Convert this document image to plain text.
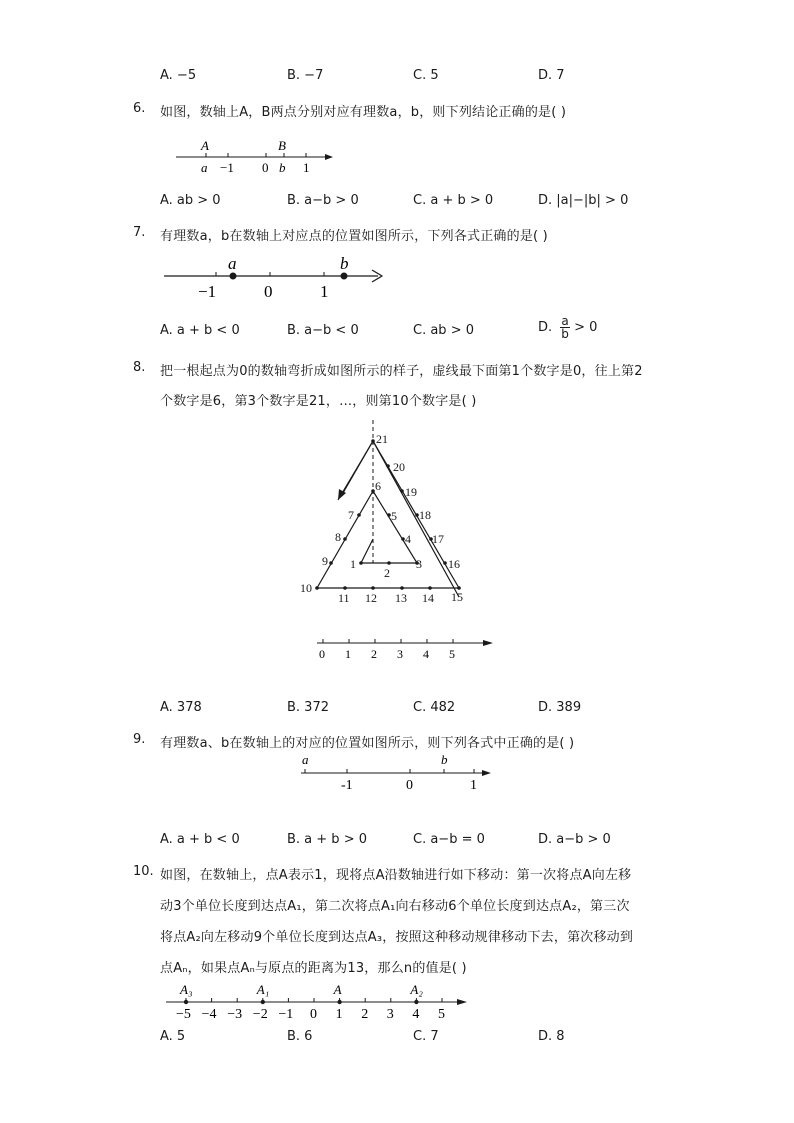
A. −5	B. −7	C. 5	D. 7
6. 如图，数轴上A，B两点分别对应有理数a，b，则下列结论正确的是( )
A	B
a −1 0 b 1
A. ab > 0	B. a−b > 0	C. a + b > 0	D. |a|−|b| > 0
7. 有理数a，b在数轴上对应点的位置如图所示，下列各式正确的是( )
a	b
−1	0	1
A. a + b < 0	B. a−b < 0	C. ab > 0	D. $\frac{a}{b} > 0$
8. 把一根起点为0的数轴弯折成如图所示的样子，虚线最下面第1个数字是0，往上第2
个数字是6，第3个数字是21，…，则第10个数字是( )
1
2
3
4
5
6
7
8
9
10
11 12 13 14 15
16
17
18
19
20
21
0 1 2 3 4 5
A. 378	B. 372	C. 482	D. 389
9. 有理数a、b在数轴上的对应的位置如图所示，则下列各式中正确的是( )
a	b
-1	0	1
A. a + b < 0	B. a + b > 0	C. a−b = 0	D. a−b > 0
10. 如图，在数轴上，点A表示1，现将点A沿数轴进行如下移动：第一次将点A向左移
动3个单位长度到达点A₁，第二次将点A₁向右移动6个单位长度到达点A₂，第三次
将点A₂向左移动9个单位长度到达点A₃，按照这种移动规律移动下去，第次移动到
点Aₙ，如果点Aₙ与原点的距离为13，那么n的值是( )
−5 −4 −3 −2 −1 0 1 2 3 4 5
A₃	A₁	A	A₂
A. 5	B. 6	C. 7	D. 8
